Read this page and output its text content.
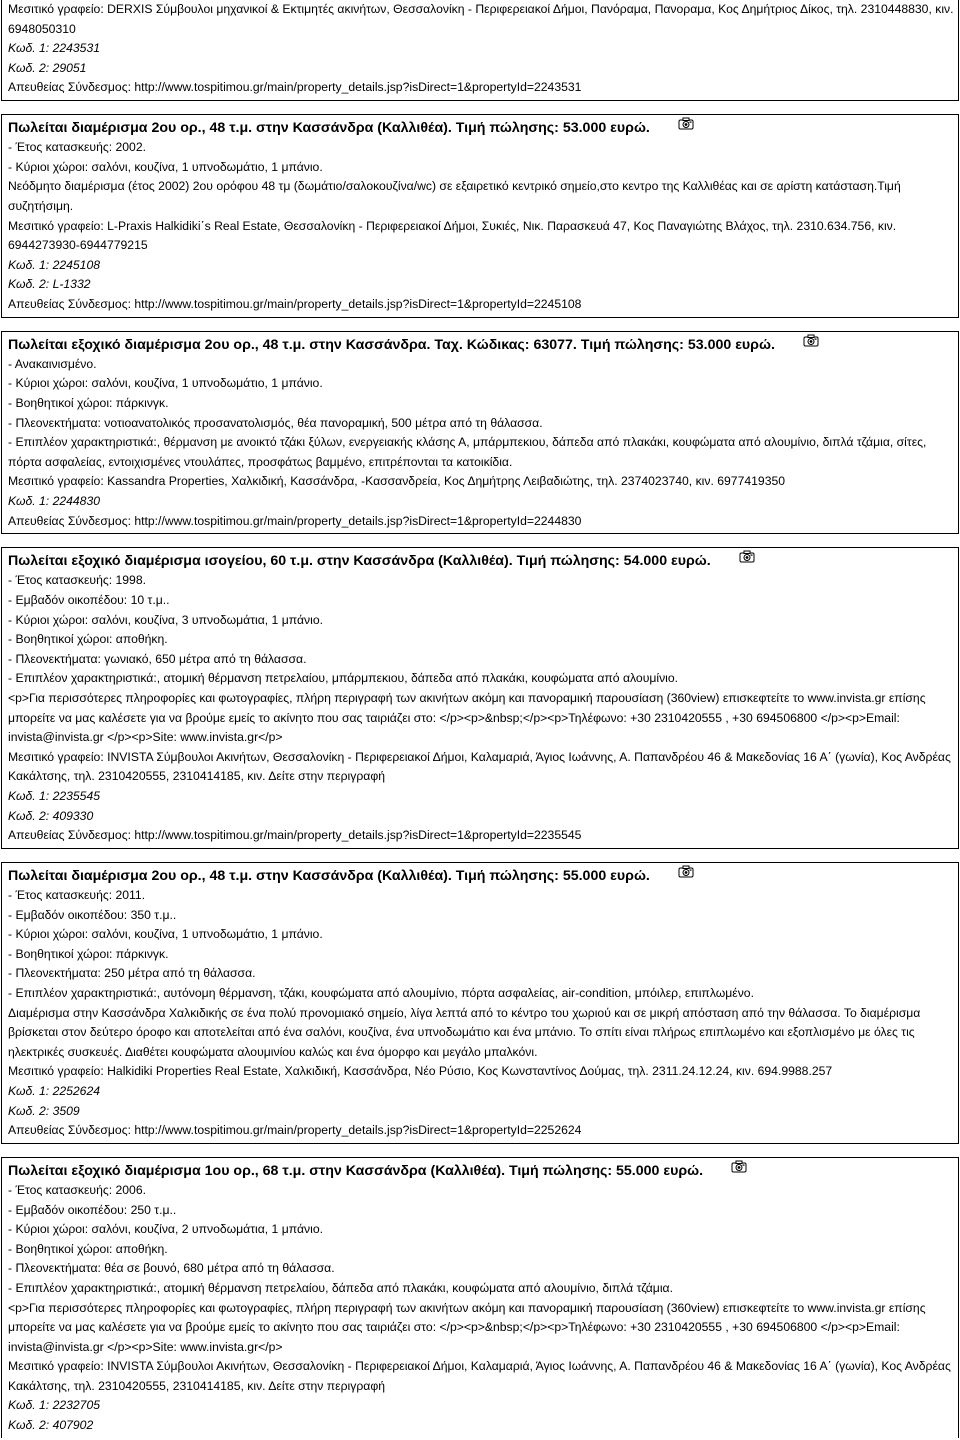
Μεσιτικό γραφείο: DERXIS Σύμβουλοι μηχανικοί & Εκτιμητές ακινήτων, Θεσσαλονίκη - Περιφερειακοί Δήμοι, Πανόραμα, Πανοραμα, Κος Δημήτριος Δίκος, τηλ. 2310448830, κιν. 6948050310
Κωδ. 1: 2243531
Κωδ. 2: 29051
Απευθείας Σύνδεσμος: http://www.tospitimou.gr/main/property_details.jsp?isDirect=1&propertyId=2243531
Πωλείται διαμέρισμα 2ου ορ., 48 τ.μ. στην Κασσάνδρα (Καλλιθέα). Τιμή πώλησης: 53.000 ευρώ.
- Έτος κατασκευής: 2002.
- Κύριοι χώροι: σαλόνι, κουζίνα, 1 υπνοδωμάτιο, 1 μπάνιο.
Νεόδμητο διαμέρισμα (έτος 2002) 2ου ορόφου 48 τμ (δωμάτιο/σαλοκουζίνα/wc) σε εξαιρετικό κεντρικό σημείο,στο κεντρο της Καλλιθέας και σε αρίστη κατάσταση.Τιμή συζητήσιμη.
Μεσιτικό γραφείο: L-Praxis Halkidiki΄s Real Estate, Θεσσαλονίκη - Περιφερειακοί Δήμοι, Συκιές, Νικ. Παρασκευά 47, Κος Παναγιώτης Βλάχος, τηλ. 2310.634.756, κιν. 6944273930-6944779215
Κωδ. 1: 2245108
Κωδ. 2: L-1332
Απευθείας Σύνδεσμος: http://www.tospitimou.gr/main/property_details.jsp?isDirect=1&propertyId=2245108
Πωλείται εξοχικό διαμέρισμα 2ου ορ., 48 τ.μ. στην Κασσάνδρα. Ταχ. Κώδικας: 63077. Τιμή πώλησης: 53.000 ευρώ.
- Ανακαινισμένο.
- Κύριοι χώροι: σαλόνι, κουζίνα, 1 υπνοδωμάτιο, 1 μπάνιο.
- Βοηθητικοί χώροι: πάρκινγκ.
- Πλεονεκτήματα: νοτιοανατολικός προσανατολισμός, θέα πανοραμική, 500 μέτρα από τη θάλασσα.
- Επιπλέον χαρακτηριστικά:, θέρμανση με ανοικτό τζάκι ξύλων, ενεργειακής κλάσης Α, μπάρμπεκιου, δάπεδα από πλακάκι, κουφώματα από αλουμίνιο, διπλά τζάμια, σίτες, πόρτα ασφαλείας, εντοιχισμένες ντουλάπες, προσφάτως βαμμένο, επιτρέπονται τα κατοικίδια.
Μεσιτικό γραφείο: Kassandra Properties, Χαλκιδική, Κασσάνδρα, -Κασσανδρεία, Κος Δημήτρης Λειβαδιώτης, τηλ. 2374023740, κιν. 6977419350
Κωδ. 1: 2244830
Απευθείας Σύνδεσμος: http://www.tospitimou.gr/main/property_details.jsp?isDirect=1&propertyId=2244830
Πωλείται εξοχικό διαμέρισμα ισογείου, 60 τ.μ. στην Κασσάνδρα (Καλλιθέα). Τιμή πώλησης: 54.000 ευρώ.
- Έτος κατασκευής: 1998.
- Εμβαδόν οικοπέδου: 10 τ.μ..
- Κύριοι χώροι: σαλόνι, κουζίνα, 3 υπνοδωμάτια, 1 μπάνιο.
- Βοηθητικοί χώροι: αποθήκη.
- Πλεονεκτήματα: γωνιακό, 650 μέτρα από τη θάλασσα.
- Επιπλέον χαρακτηριστικά:, ατομική θέρμανση πετρελαίου, μπάρμπεκιου, δάπεδα από πλακάκι, κουφώματα από αλουμίνιο.
<p>Για περισσότερες πληροφορίες και φωτογραφίες, πλήρη περιγραφή των ακινήτων ακόμη και πανοραμική παρουσίαση (360view) επισκεφτείτε το www.invista.gr επίσης μπορείτε να μας καλέσετε για να βρούμε εμείς το ακίνητο που σας ταιριάζει στο: </p><p>&nbsp;</p><p>Τηλέφωνο: +30 2310420555 , +30 694506800 </p><p>Email: invista@invista.gr </p><p>Site: www.invista.gr</p>
Μεσιτικό γραφείο: INVISTA Σύμβουλοι Ακινήτων, Θεσσαλονίκη - Περιφερειακοί Δήμοι, Καλαμαριά, Άγιος Ιωάννης, Α. Παπανδρέου 46 & Μακεδονίας 16 Α΄ (γωνία), Κος Ανδρέας Κακάλτσης, τηλ. 2310420555, 2310414185, κιν. Δείτε στην περιγραφή
Κωδ. 1: 2235545
Κωδ. 2: 409330
Απευθείας Σύνδεσμος: http://www.tospitimou.gr/main/property_details.jsp?isDirect=1&propertyId=2235545
Πωλείται διαμέρισμα 2ου ορ., 48 τ.μ. στην Κασσάνδρα (Καλλιθέα). Τιμή πώλησης: 55.000 ευρώ.
- Έτος κατασκευής: 2011.
- Εμβαδόν οικοπέδου: 350 τ.μ..
- Κύριοι χώροι: σαλόνι, κουζίνα, 1 υπνοδωμάτιο, 1 μπάνιο.
- Βοηθητικοί χώροι: πάρκινγκ.
- Πλεονεκτήματα: 250 μέτρα από τη θάλασσα.
- Επιπλέον χαρακτηριστικά:, αυτόνομη θέρμανση, τζάκι, κουφώματα από αλουμίνιο, πόρτα ασφαλείας, air-condition, μπόιλερ, επιπλωμένο.
Διαμέρισμα στην Κασσάνδρα Χαλκιδικής σε ένα πολύ προνομιακό σημείο, λίγα λεπτά από το κέντρο του χωριού και σε μικρή απόσταση από την θάλασσα. Το διαμέρισμα βρίσκεται στον δεύτερο όροφο και αποτελείται από ένα σαλόνι, κουζίνα, ένα υπνοδωμάτιο και ένα μπάνιο. Το σπίτι είναι πλήρως επιπλωμένο και εξοπλισμένο με όλες τις ηλεκτρικές συσκευές. Διαθέτει κουφώματα αλουμινίου καλώς και ένα όμορφο και μεγάλο μπαλκόνι.
Μεσιτικό γραφείο: Halkidiki Properties Real Estate, Χαλκιδική, Κασσάνδρα, Νέο Ρύσιο, Κος Κωνσταντίνος Δούμας, τηλ. 2311.24.12.24, κιν. 694.9988.257
Κωδ. 1: 2252624
Κωδ. 2: 3509
Απευθείας Σύνδεσμος: http://www.tospitimou.gr/main/property_details.jsp?isDirect=1&propertyId=2252624
Πωλείται εξοχικό διαμέρισμα 1ου ορ., 68 τ.μ. στην Κασσάνδρα (Καλλιθέα). Τιμή πώλησης: 55.000 ευρώ.
- Έτος κατασκευής: 2006.
- Εμβαδόν οικοπέδου: 250 τ.μ..
- Κύριοι χώροι: σαλόνι, κουζίνα, 2 υπνοδωμάτια, 1 μπάνιο.
- Βοηθητικοί χώροι: αποθήκη.
- Πλεονεκτήματα: θέα σε βουνό, 680 μέτρα από τη θάλασσα.
- Επιπλέον χαρακτηριστικά:, ατομική θέρμανση πετρελαίου, δάπεδα από πλακάκι, κουφώματα από αλουμίνιο, διπλά τζάμια.
<p>Για περισσότερες πληροφορίες και φωτογραφίες, πλήρη περιγραφή των ακινήτων ακόμη και πανοραμική παρουσίαση (360view) επισκεφτείτε το www.invista.gr επίσης μπορείτε να μας καλέσετε για να βρούμε εμείς το ακίνητο που σας ταιριάζει στο: </p><p>&nbsp;</p><p>Τηλέφωνο: +30 2310420555 , +30 694506800 </p><p>Email: invista@invista.gr </p><p>Site: www.invista.gr</p>
Μεσιτικό γραφείο: INVISTA Σύμβουλοι Ακινήτων, Θεσσαλονίκη - Περιφερειακοί Δήμοι, Καλαμαριά, Άγιος Ιωάννης, Α. Παπανδρέου 46 & Μακεδονίας 16 Α΄ (γωνία), Κος Ανδρέας Κακάλτσης, τηλ. 2310420555, 2310414185, κιν. Δείτε στην περιγραφή
Κωδ. 1: 2232705
Κωδ. 2: 407902
